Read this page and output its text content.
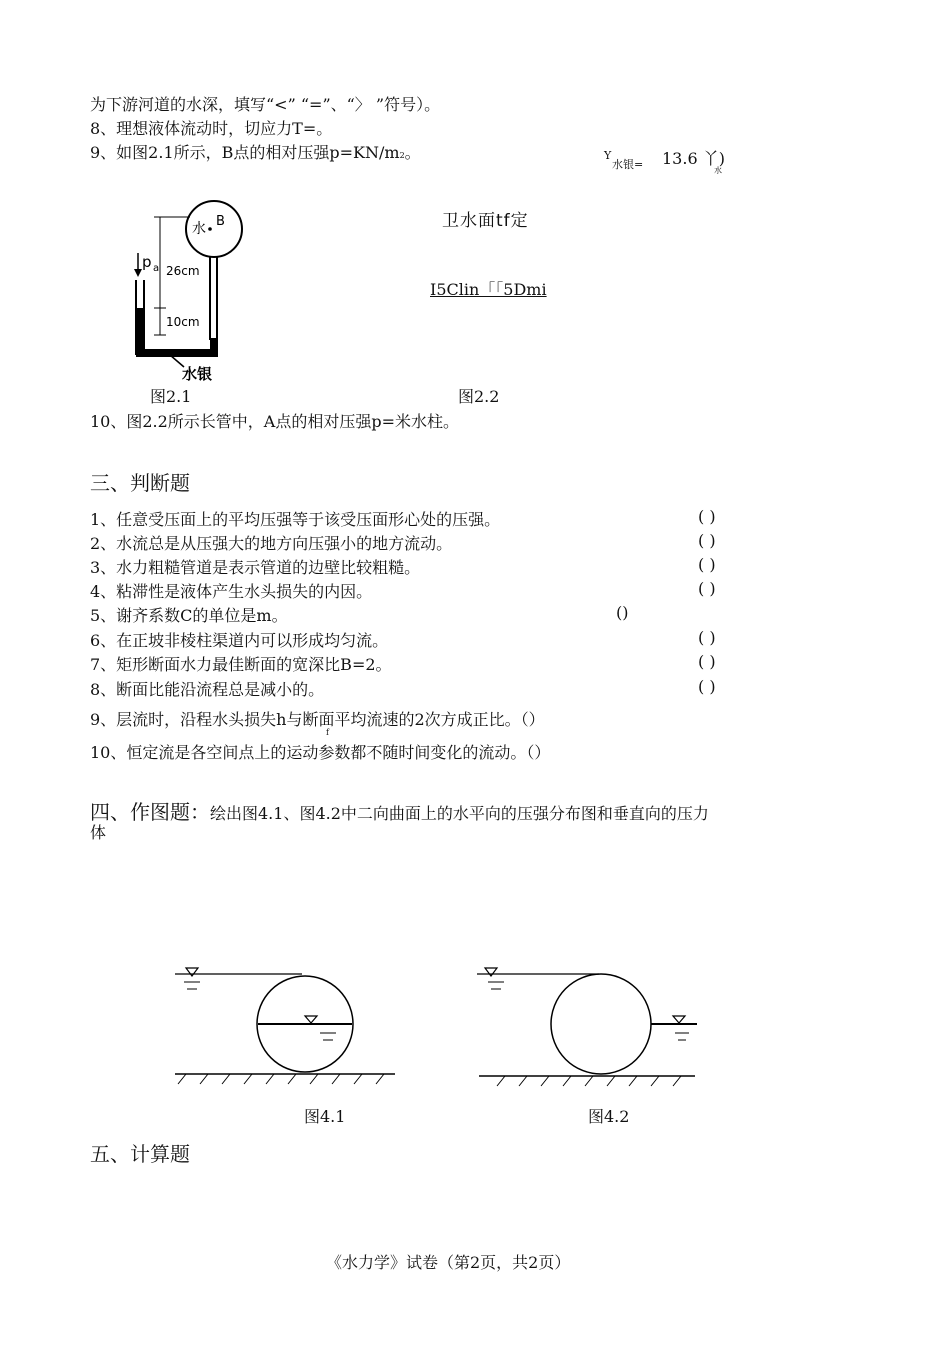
为下游河道的水深，填写“<” “=”、“〉 ”符号）。
8、理想液体流动时，切应力T=。
9、如图2.1所示，B点的相对压强p=KN/m2。	Y
水银= 13.6 丫)
水
p a 26cm
10cm
水 B
水银
卫水面tf定
I5Clin「「5Dmi
图2.1	图2.2
10、图2.2所示长管中，A点的相对压强p=米水柱。
三、判断题
1、任意受压面上的平均压强等于该受压面形心处的压强。	( )
2、水流总是从压强大的地方向压强小的地方流动。	( )
3、水力粗糙管道是表示管道的边壁比较粗糙。	( )
4、粘滞性是液体产生水头损失的内因。	( )
5、谢齐系数C的单位是m。	()
6、在正坡非棱柱渠道内可以形成均匀流。	( )
7、矩形断面水力最佳断面的宽深比B=2。	( )
8、断面比能沿流程总是减小的。	( )
9、层流时，沿程水头损失h与断面平均流速的2次方成正比。（）
f
10、恒定流是各空间点上的运动参数都不随时间变化的流动。（）
四、作图题：绘出图4.1、图4.2中二向曲面上的水平向的压强分布图和垂直向的压力
体
图4.1	图4.2
五、计算题
《水力学》试卷（第2页，共2页）
